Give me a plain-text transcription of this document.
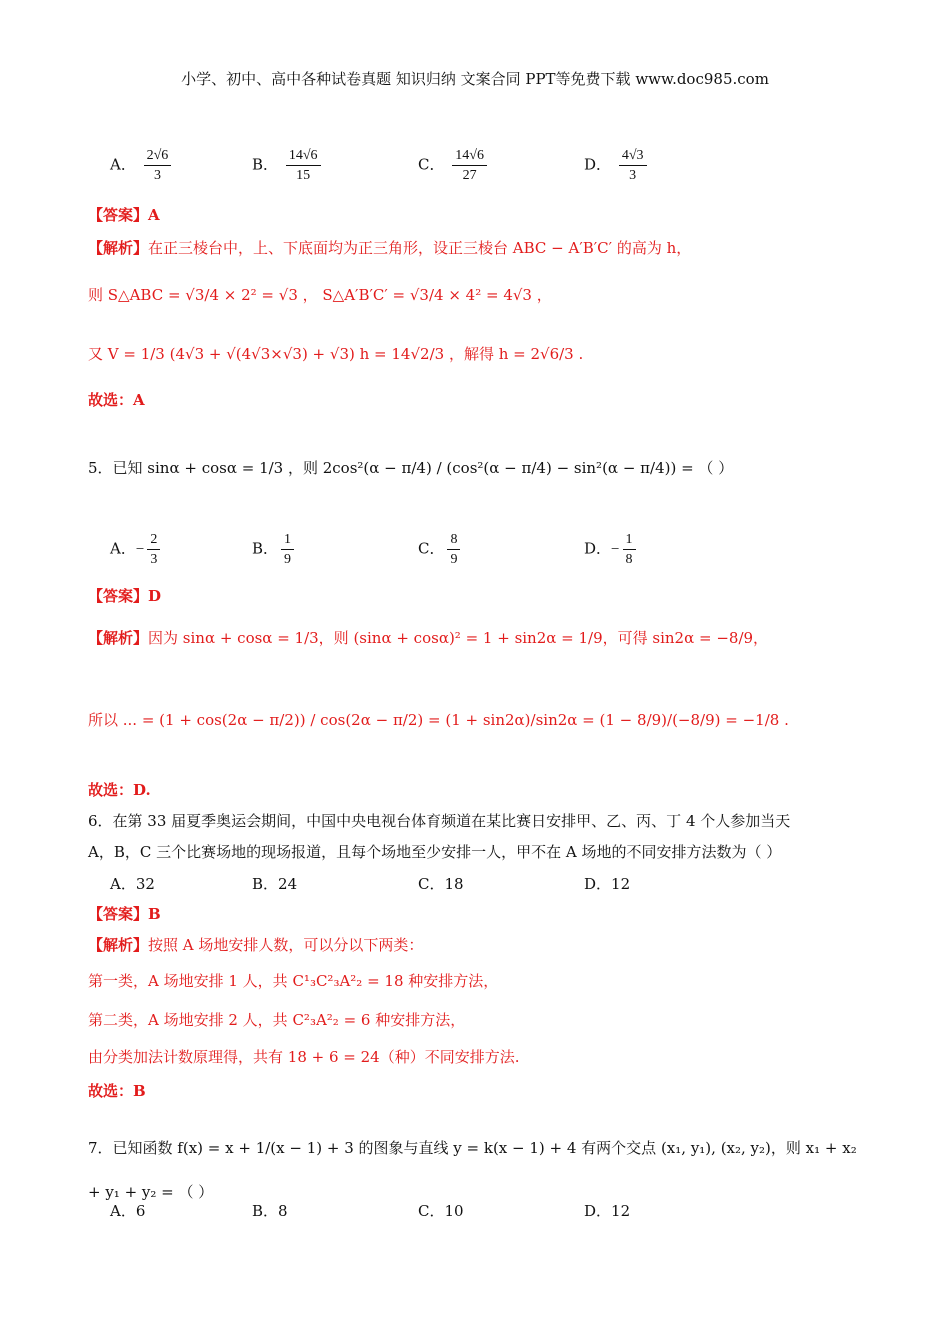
小学、初中、高中各种试卷真题 知识归纳 文案合同 PPT等免费下载 www.doc985.com
A． $\frac{2√6}{3}$	B． $\frac{14√6}{15}$	C． $\frac{14√6}{27}$	D． $\frac{4√3}{3}$
【答案】A
【解析】在正三棱台中，上、下底面均为正三角形，设正三棱台 ABC − A′B′C′ 的高为 h，
则 S△ABC = √3/4 × 2² = √3 ， S△A′B′C′ = √3/4 × 4² = 4√3 ，
又 V = 1/3 (4√3 + √(4√3×√3) + √3) h = 14√2/3 ，解得 h = 2√6/3 .
故选：A
5．已知 sinα + cosα = 1/3 ，则 2cos²(α − π/4) / (cos²(α − π/4) − sin²(α − π/4)) = （ ）
A．− $\frac{2}{3}$	B． $\frac{1}{9}$	C． $\frac{8}{9}$	D．− $\frac{1}{8}$
【答案】D
【解析】因为 sinα + cosα = 1/3，则 (sinα + cosα)² = 1 + sin2α = 1/9，可得 sin2α = −8/9，
所以 ... = (1 + cos(2α − π/2)) / cos(2α − π/2) = (1 + sin2α)/sin2α = (1 − 8/9)/(−8/9) = −1/8 .
故选：D.
6．在第 33 届夏季奥运会期间，中国中央电视台体育频道在某比赛日安排甲、乙、丙、丁 4 个人参加当天
A，B，C 三个比赛场地的现场报道，且每个场地至少安排一人，甲不在 A 场地的不同安排方法数为（ ）
A．32	B．24	C．18	D．12
【答案】B
【解析】按照 A 场地安排人数，可以分以下两类：
第一类，A 场地安排 1 人，共 C¹₃C²₃A²₂ = 18 种安排方法，
第二类，A 场地安排 2 人，共 C²₃A²₂ = 6 种安排方法，
由分类加法计数原理得，共有 18 + 6 = 24（种）不同安排方法.
故选：B
7．已知函数 f(x) = x + 1/(x − 1) + 3 的图象与直线 y = k(x − 1) + 4 有两个交点 (x₁, y₁), (x₂, y₂)，则 x₁ + x₂ + y₁ + y₂ = （ ）
A．6	B．8	C．10	D．12
